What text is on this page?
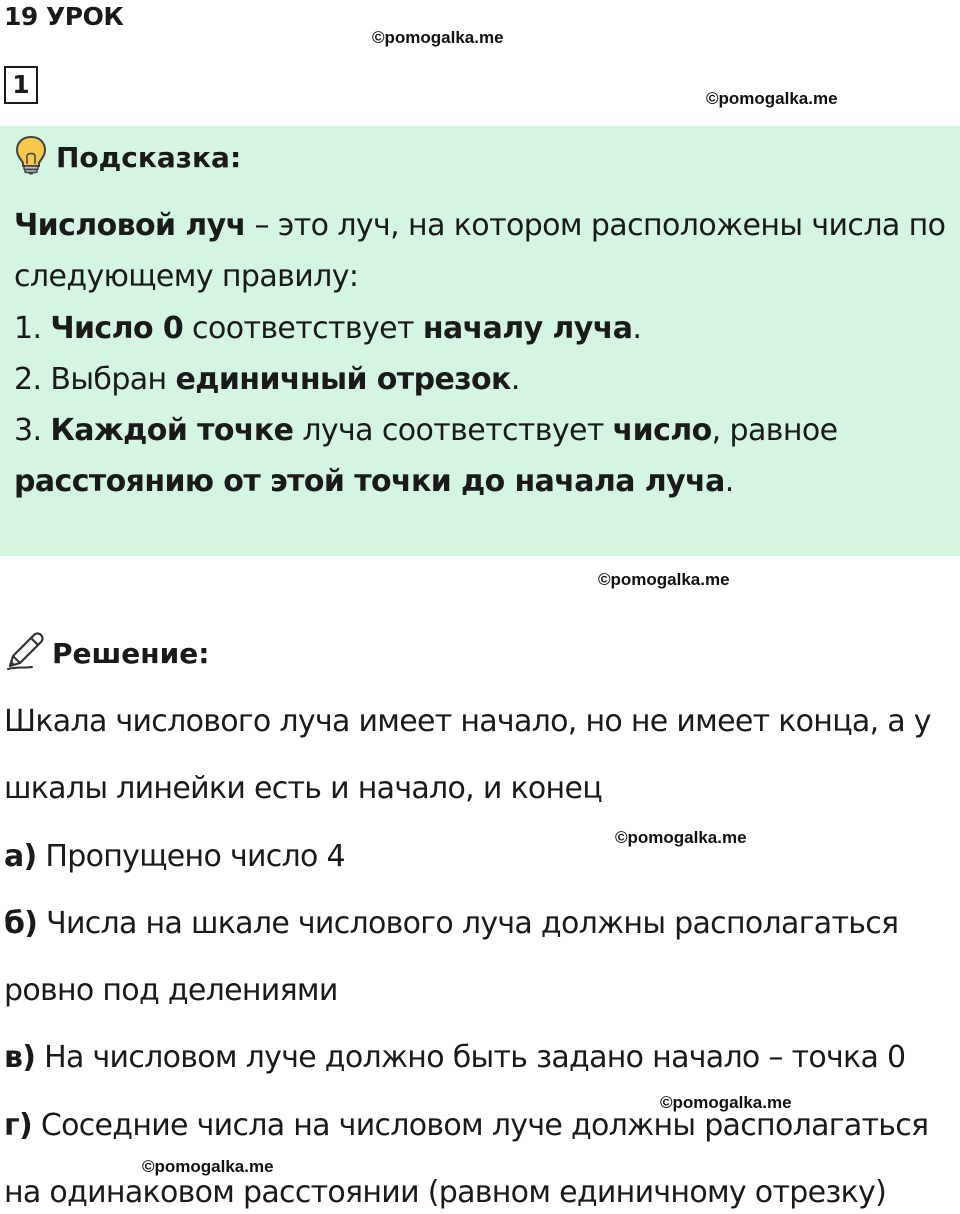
19 УРОК
©pomogalka.me
1	©pomogalka.me
Подсказка:
Числовой луч – это луч, на котором расположены числа по
следующему правилу:
1. Число 0 соответствует началу луча.
2. Выбран единичный отрезок.
3. Каждой точке луча соответствует число, равное
расстоянию от этой точки до начала луча.
©pomogalka.me
Решение:
Шкала числового луча имеет начало, но не имеет конца, а у
шкалы линейки есть и начало, и конец
©pomogalka.me
а) Пропущено число 4
б) Числа на шкале числового луча должны располагаться
ровно под делениями
в) На числовом луче должно быть задано начало – точка 0
©pomogalka.me
г) Соседние числа на числовом луче должны располагаться
©pomogalka.me
на одинаковом расстоянии (равном единичному отрезку)
